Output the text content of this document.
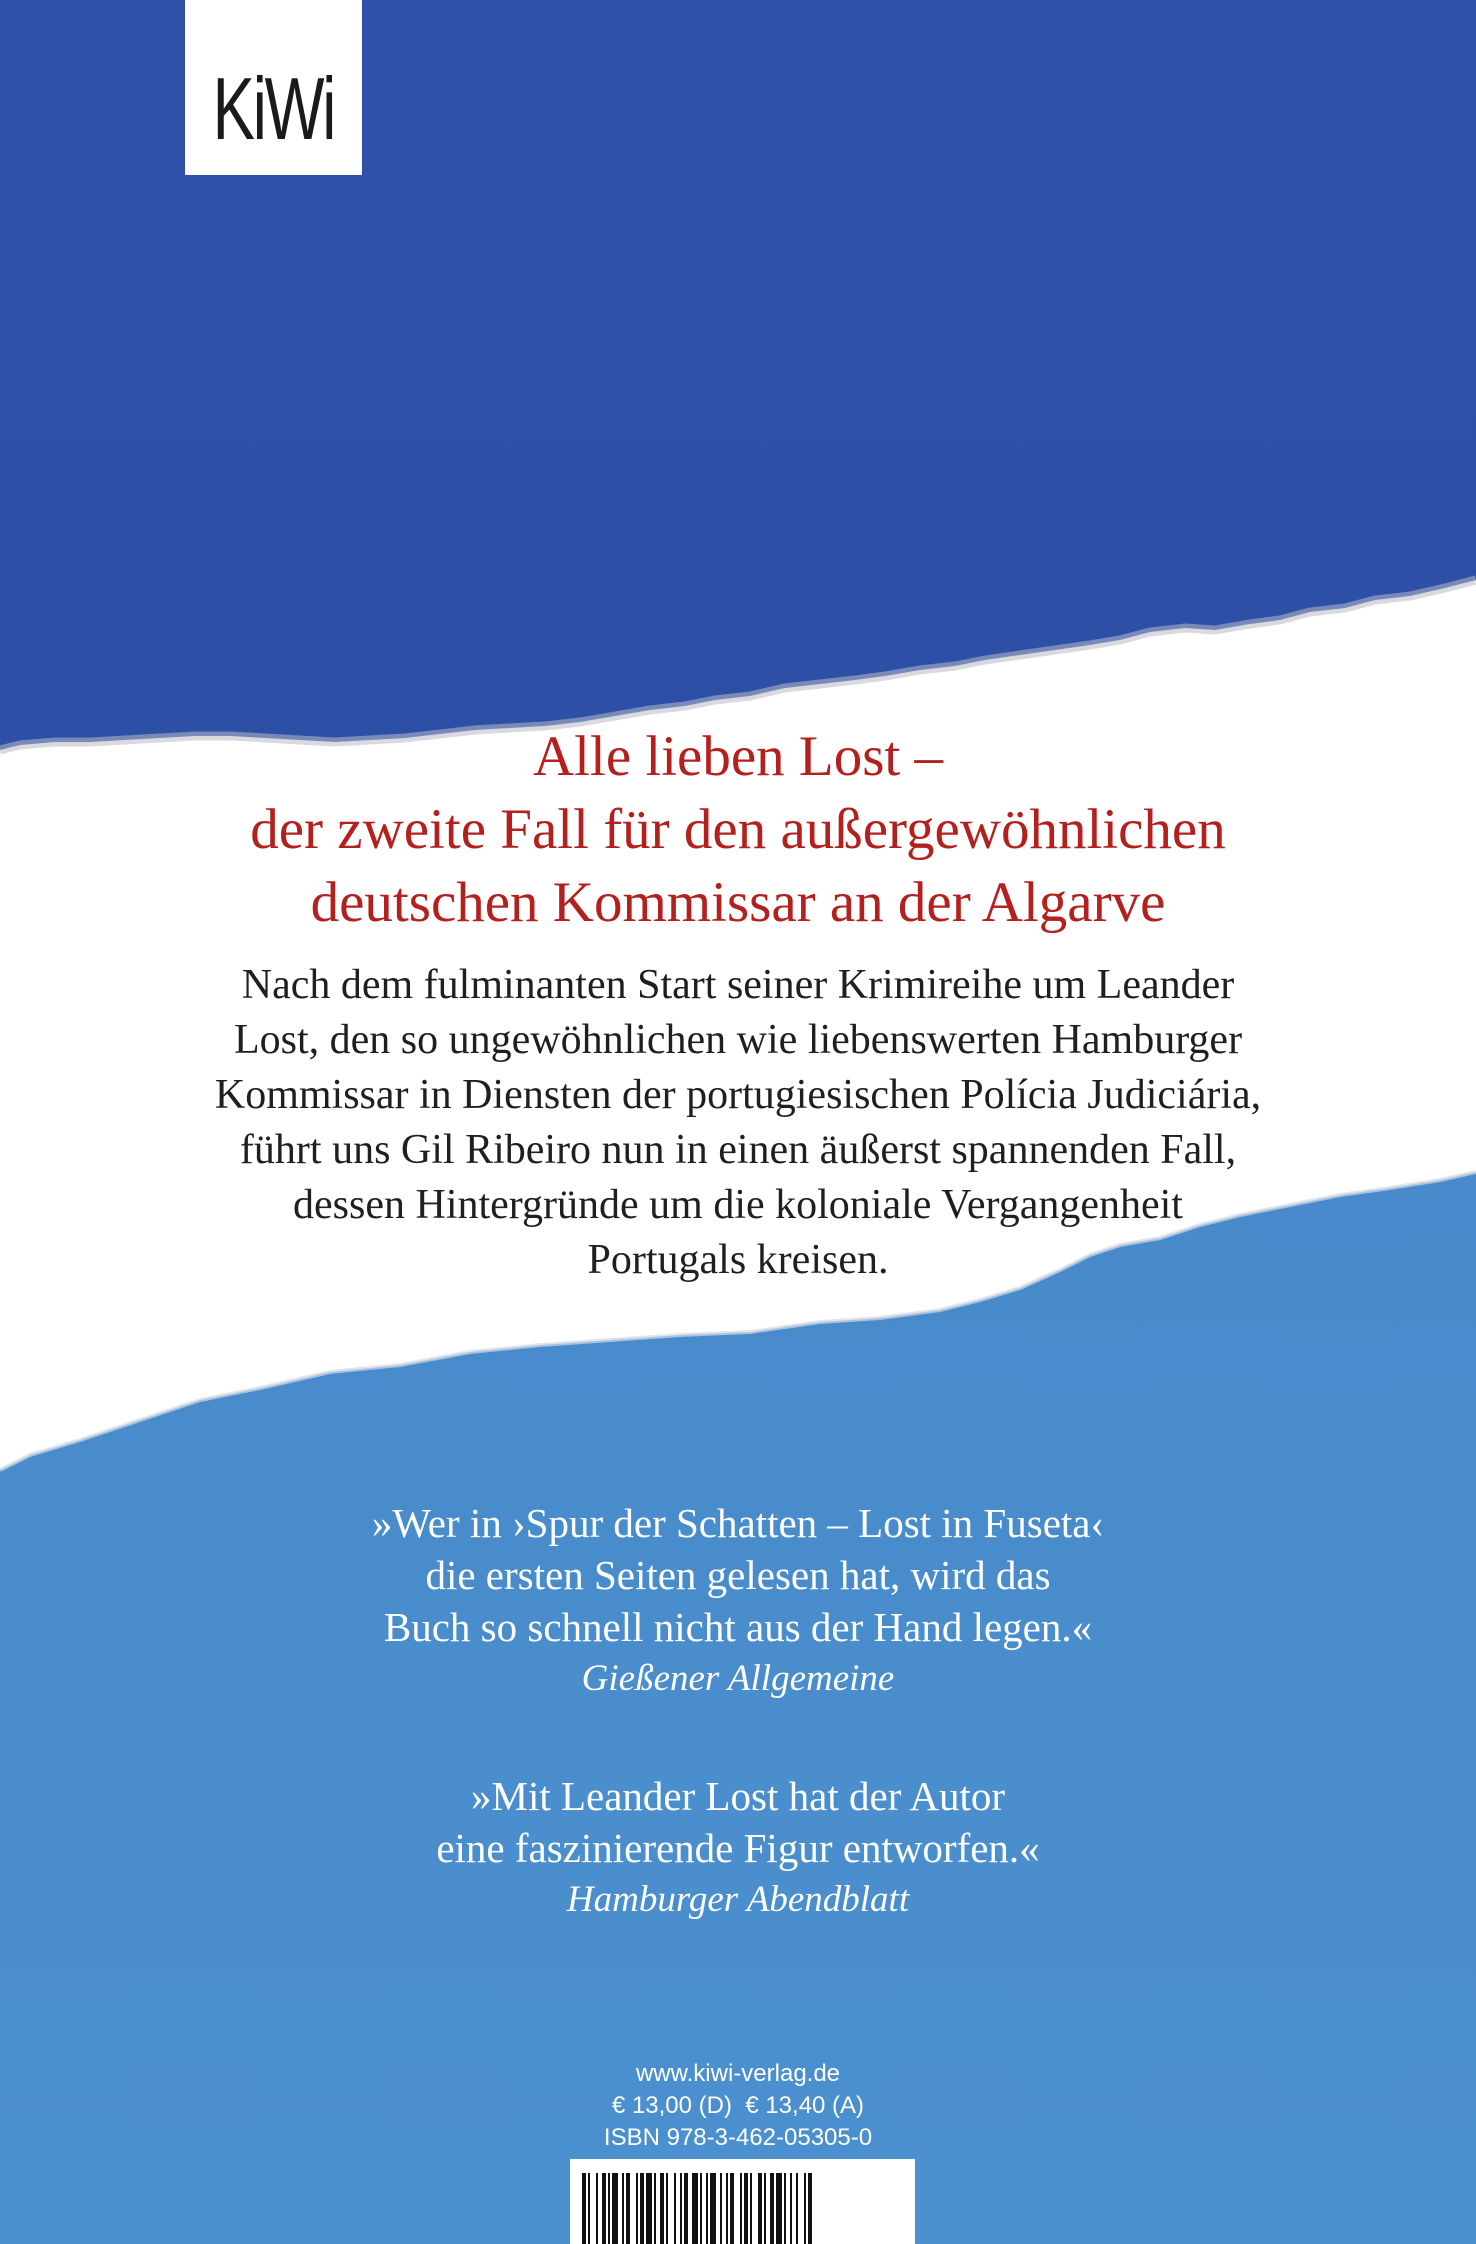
KiWi
Alle lieben Lost –
der zweite Fall für den außergewöhnlichen
deutschen Kommissar an der Algarve
Nach dem fulminanten Start seiner Krimireihe um Leander
Lost, den so ungewöhnlichen wie liebenswerten Hamburger
Kommissar in Diensten der portugiesischen Polícia Judiciária,
führt uns Gil Ribeiro nun in einen äußerst spannenden Fall,
dessen Hintergründe um die koloniale Vergangenheit
Portugals kreisen.
»Wer in ›Spur der Schatten – Lost in Fuseta‹
die ersten Seiten gelesen hat, wird das
Buch so schnell nicht aus der Hand legen.«
Gießener Allgemeine
»Mit Leander Lost hat der Autor
eine faszinierende Figur entworfen.«
Hamburger Abendblatt
www.kiwi-verlag.de
€ 13,00 (D)  € 13,40 (A)
ISBN 978-3-462-05305-0
